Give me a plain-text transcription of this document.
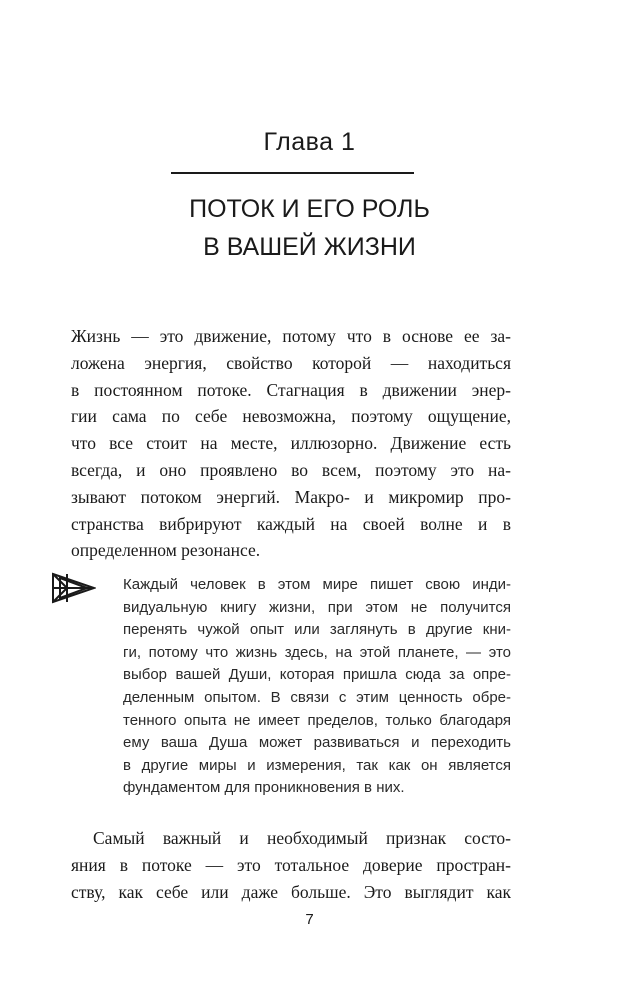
Глава 1
ПОТОК И ЕГО РОЛЬ
В ВАШЕЙ ЖИЗНИ
Жизнь — это движение, потому что в основе ее за-
ложена энергия, свойство которой — находиться
в постоянном потоке. Стагнация в движении энер-
гии сама по себе невозможна, поэтому ощущение,
что все стоит на месте, иллюзорно. Движение есть
всегда, и оно проявлено во всем, поэтому это на-
зывают потоком энергий. Макро- и микромир про-
странства вибрируют каждый на своей волне и в
определенном резонансе.
Каждый человек в этом мире пишет свою инди-
видуальную книгу жизни, при этом не получится
перенять чужой опыт или заглянуть в другие кни-
ги, потому что жизнь здесь, на этой планете, — это
выбор вашей Души, которая пришла сюда за опре-
деленным опытом. В связи с этим ценность обре-
тенного опыта не имеет пределов, только благодаря
ему ваша Душа может развиваться и переходить
в другие миры и измерения, так как он является
фундаментом для проникновения в них.
Самый важный и необходимый признак состо-
яния в потоке — это тотальное доверие простран-
ству, как себе или даже больше. Это выглядит как
7
